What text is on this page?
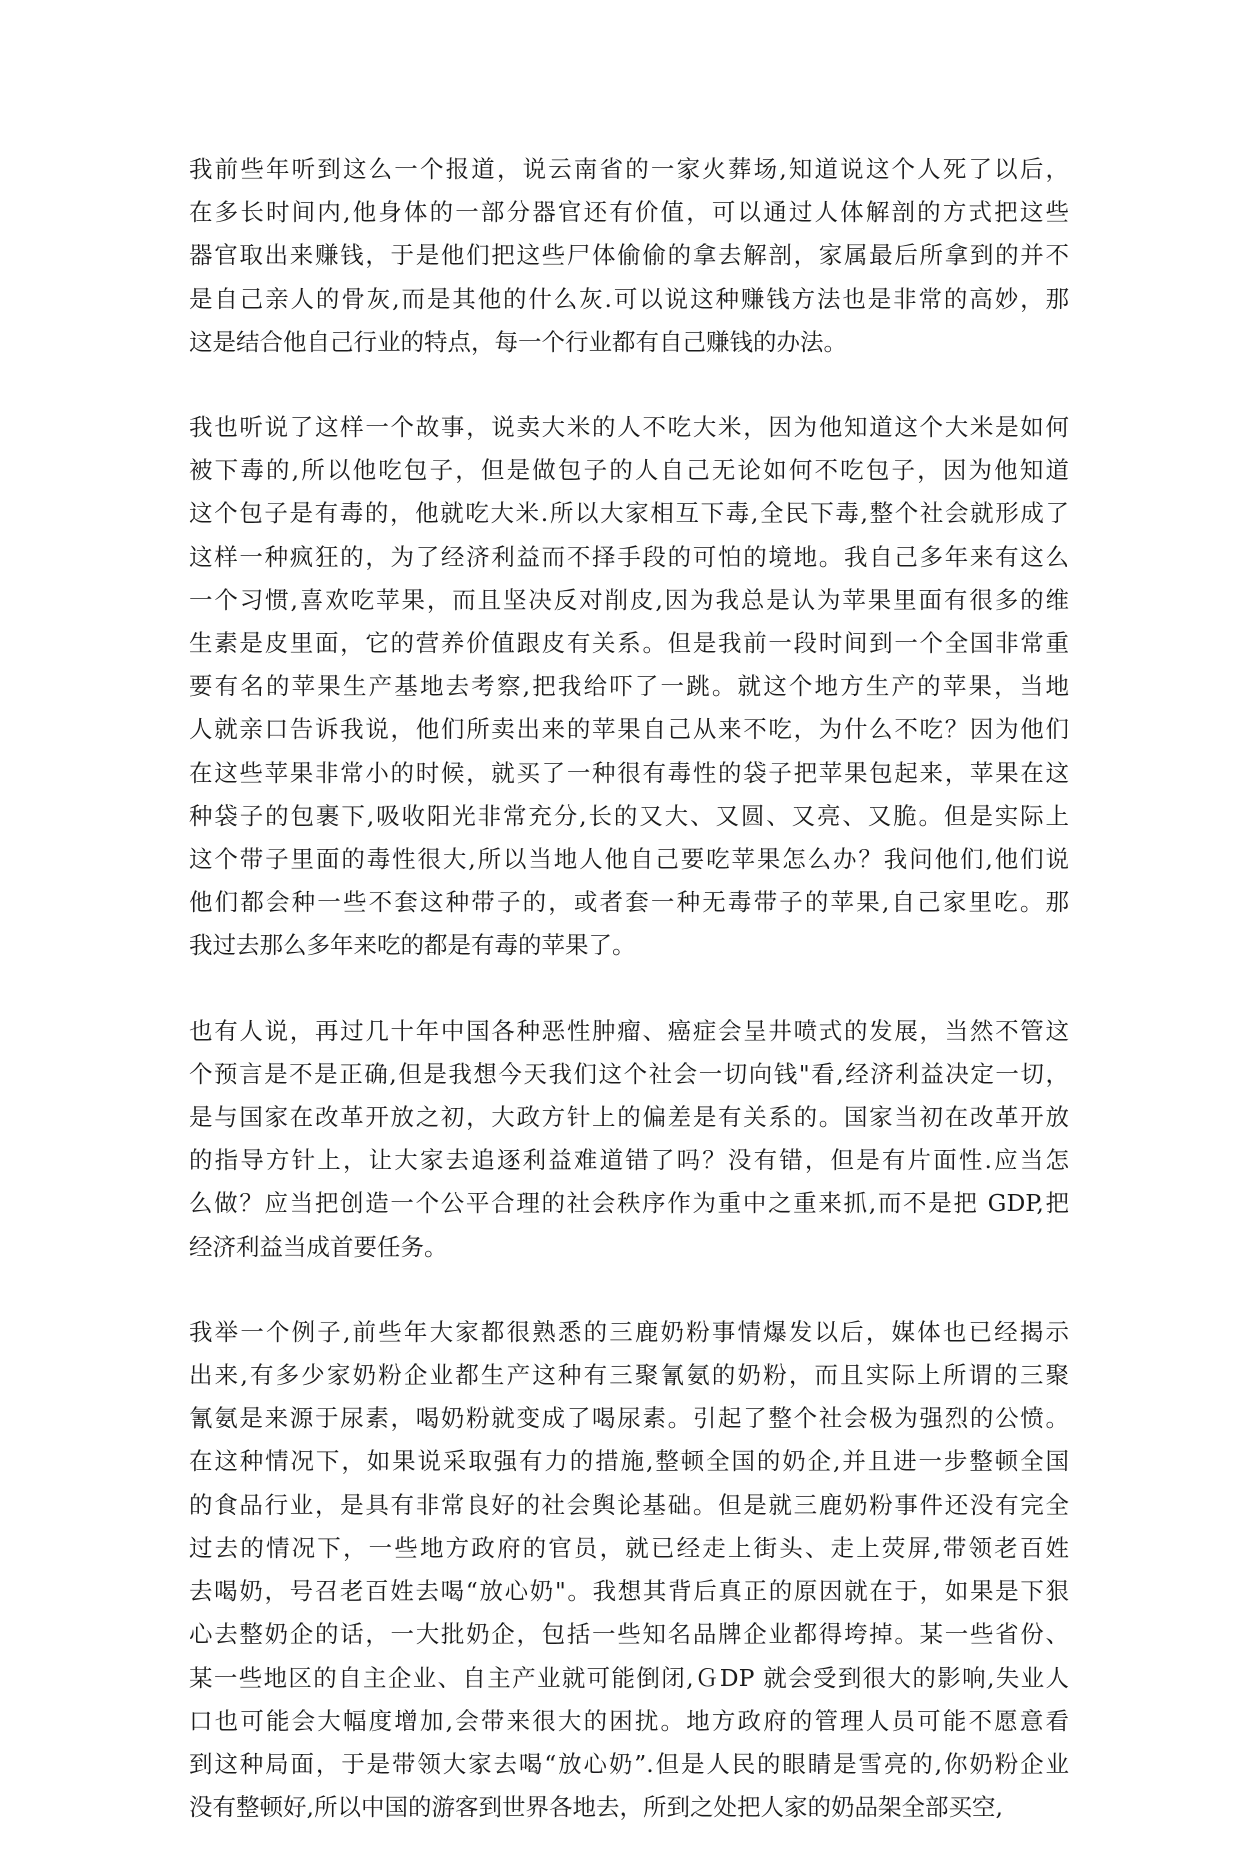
我前些年听到这么一个报道，说云南省的一家火葬场,知道说这个人死了以后，
在多长时间内,他身体的一部分器官还有价值，可以通过人体解剖的方式把这些
器官取出来赚钱，于是他们把这些尸体偷偷的拿去解剖，家属最后所拿到的并不
是自己亲人的骨灰,而是其他的什么灰.可以说这种赚钱方法也是非常的高妙，那
这是结合他自己行业的特点，每一个行业都有自己赚钱的办法。
我也听说了这样一个故事，说卖大米的人不吃大米，因为他知道这个大米是如何
被下毒的,所以他吃包子，但是做包子的人自己无论如何不吃包子，因为他知道
这个包子是有毒的，他就吃大米.所以大家相互下毒,全民下毒,整个社会就形成了
这样一种疯狂的，为了经济利益而不择手段的可怕的境地。我自己多年来有这么
一个习惯,喜欢吃苹果，而且坚决反对削皮,因为我总是认为苹果里面有很多的维
生素是皮里面，它的营养价值跟皮有关系。但是我前一段时间到一个全国非常重
要有名的苹果生产基地去考察,把我给吓了一跳。就这个地方生产的苹果，当地
人就亲口告诉我说，他们所卖出来的苹果自己从来不吃，为什么不吃？因为他们
在这些苹果非常小的时候，就买了一种很有毒性的袋子把苹果包起来，苹果在这
种袋子的包裹下,吸收阳光非常充分,长的又大、又圆、又亮、又脆。但是实际上
这个带子里面的毒性很大,所以当地人他自己要吃苹果怎么办？我问他们,他们说
他们都会种一些不套这种带子的，或者套一种无毒带子的苹果,自己家里吃。那
我过去那么多年来吃的都是有毒的苹果了。
也有人说，再过几十年中国各种恶性肿瘤、癌症会呈井喷式的发展，当然不管这
个预言是不是正确,但是我想今天我们这个社会一切向钱"看,经济利益决定一切，
是与国家在改革开放之初，大政方针上的偏差是有关系的。国家当初在改革开放
的指导方针上，让大家去追逐利益难道错了吗？没有错，但是有片面性.应当怎
么做？应当把创造一个公平合理的社会秩序作为重中之重来抓,而不是把 GDP,把
经济利益当成首要任务。
我举一个例子,前些年大家都很熟悉的三鹿奶粉事情爆发以后，媒体也已经揭示
出来,有多少家奶粉企业都生产这种有三聚氰氨的奶粉，而且实际上所谓的三聚
氰氨是来源于尿素，喝奶粉就变成了喝尿素。引起了整个社会极为强烈的公愤。
在这种情况下，如果说采取强有力的措施,整顿全国的奶企,并且进一步整顿全国
的食品行业，是具有非常良好的社会舆论基础。但是就三鹿奶粉事件还没有完全
过去的情况下，一些地方政府的官员，就已经走上街头、走上荧屏,带领老百姓
去喝奶，号召老百姓去喝“放心奶"。我想其背后真正的原因就在于，如果是下狠
心去整奶企的话，一大批奶企，包括一些知名品牌企业都得垮掉。某一些省份、
某一些地区的自主企业、自主产业就可能倒闭,ＧDP 就会受到很大的影响,失业人
口也可能会大幅度增加,会带来很大的困扰。地方政府的管理人员可能不愿意看
到这种局面，于是带领大家去喝“放心奶”.但是人民的眼睛是雪亮的,你奶粉企业
没有整顿好,所以中国的游客到世界各地去，所到之处把人家的奶品架全部买空,
